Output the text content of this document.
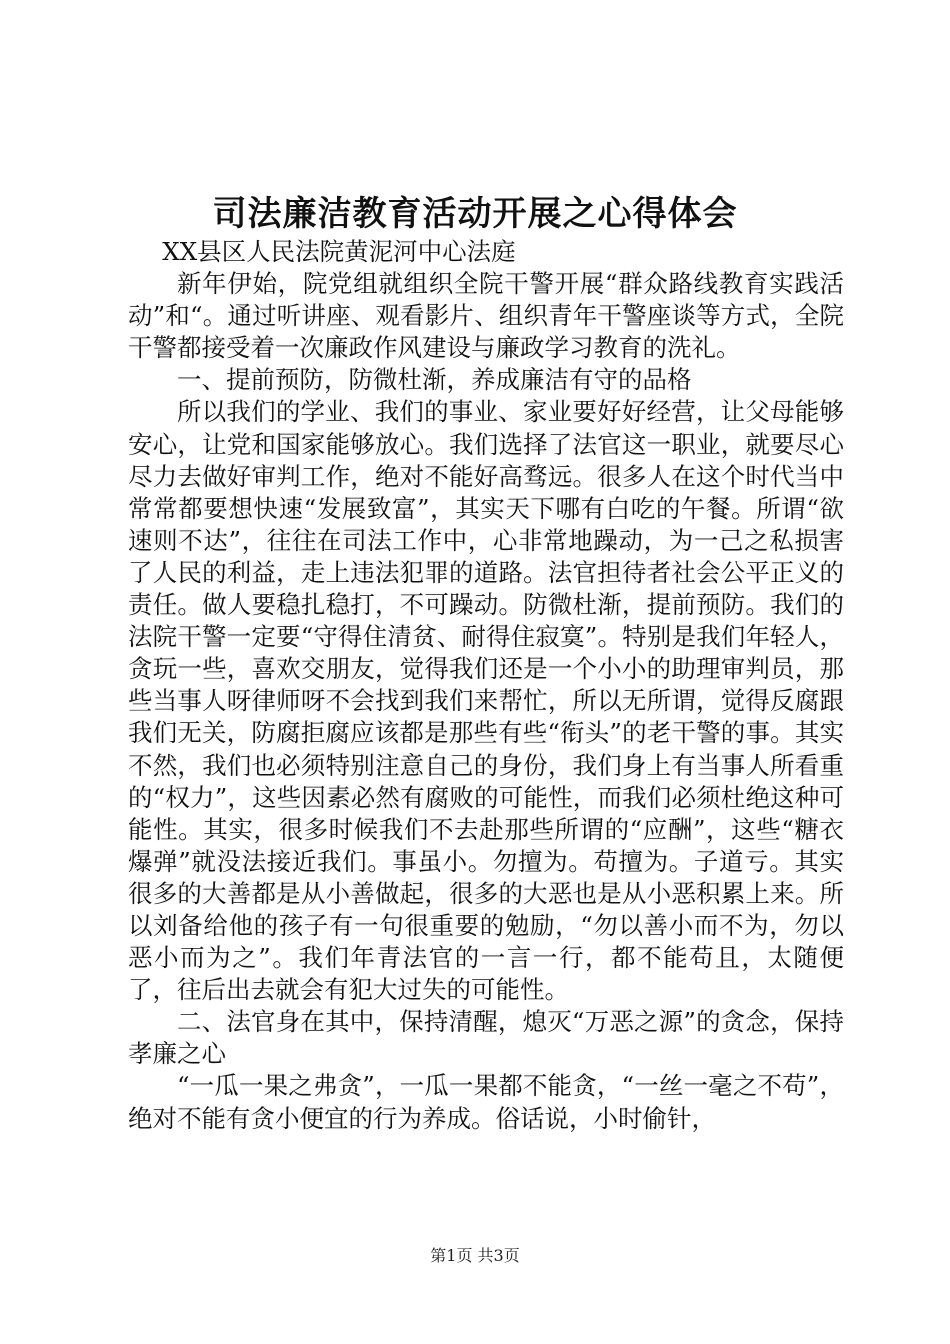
司法廉洁教育活动开展之心得体会

XX县区人民法院黄泥河中心法庭

新年伊始，院党组就组织全院干警开展“群众路线教育实践活动”和“。通过听讲座、观看影片、组织青年干警座谈等方式，全院干警都接受着一次廉政作风建设与廉政学习教育的洗礼。

一、提前预防，防微杜渐，养成廉洁有守的品格

所以我们的学业、我们的事业、家业要好好经营，让父母能够安心，让党和国家能够放心。我们选择了法官这一职业，就要尽心尽力去做好审判工作，绝对不能好高骛远。很多人在这个时代当中常常都要想快速“发展致富”，其实天下哪有白吃的午餐。所谓“欲速则不达”，往往在司法工作中，心非常地躁动，为一己之私损害了人民的利益，走上违法犯罪的道路。法官担待者社会公平正义的责任。做人要稳扎稳打，不可躁动。防微杜渐，提前预防。我们的法院干警一定要“守得住清贫、耐得住寂寞”。特别是我们年轻人，贪玩一些，喜欢交朋友，觉得我们还是一个小小的助理审判员，那些当事人呀律师呀不会找到我们来帮忙，所以无所谓，觉得反腐跟我们无关，防腐拒腐应该都是那些有些“衔头”的老干警的事。其实不然，我们也必须特别注意自己的身份，我们身上有当事人所看重的“权力”，这些因素必然有腐败的可能性，而我们必须杜绝这种可能性。其实，很多时候我们不去赴那些所谓的“应酬”，这些“糖衣爆弹”就没法接近我们。事虽小。勿擅为。苟擅为。子道亏。其实很多的大善都是从小善做起，很多的大恶也是从小恶积累上来。所以刘备给他的孩子有一句很重要的勉励，“勿以善小而不为，勿以恶小而为之”。我们年青法官的一言一行，都不能苟且，太随便了，往后出去就会有犯大过失的可能性。

二、法官身在其中，保持清醒，熄灭“万恶之源”的贪念，保持孝廉之心

“一瓜一果之弗贪”，一瓜一果都不能贪，“一丝一毫之不苟”，绝对不能有贪小便宜的行为养成。俗话说，小时偷针，

第1页 共3页
